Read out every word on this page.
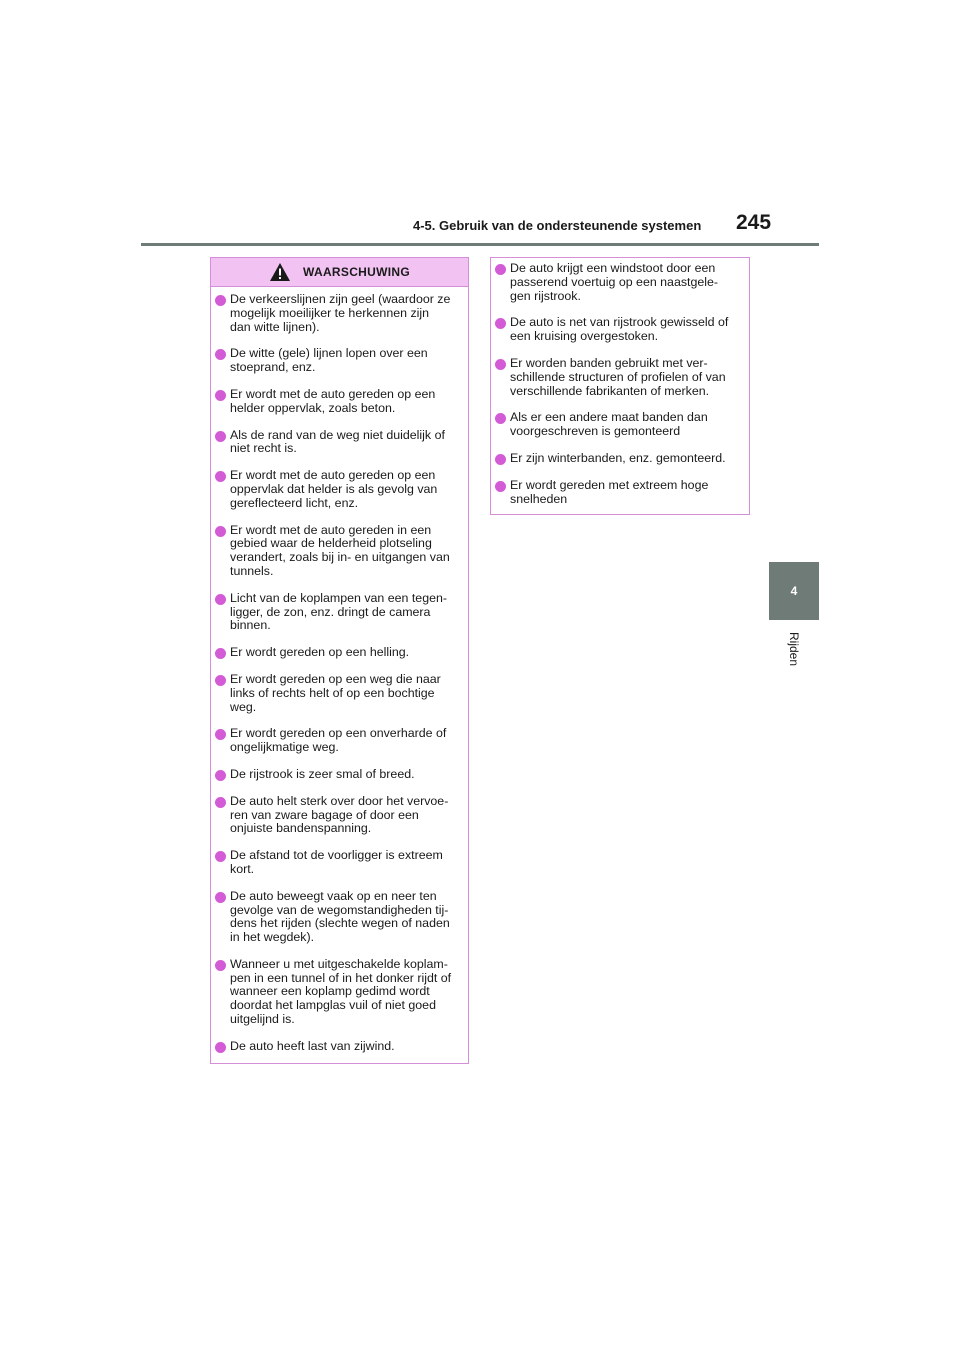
4-5. Gebruik van de ondersteunende systemen 245
4
Rijden
WAARSCHUWING
De verkeerslijnen zijn geel (waardoor ze
mogelijk moeilijker te herkennen zijn
dan witte lijnen).
De witte (gele) lijnen lopen over een
stoeprand, enz.
Er wordt met de auto gereden op een
helder oppervlak, zoals beton.
Als de rand van de weg niet duidelijk of
niet recht is.
Er wordt met de auto gereden op een
oppervlak dat helder is als gevolg van
gereflecteerd licht, enz.
Er wordt met de auto gereden in een
gebied waar de helderheid plotseling
verandert, zoals bij in- en uitgangen van
tunnels.
Licht van de koplampen van een tegen-
ligger, de zon, enz. dringt de camera
binnen.
Er wordt gereden op een helling.
Er wordt gereden op een weg die naar
links of rechts helt of op een bochtige
weg.
Er wordt gereden op een onverharde of
ongelijkmatige weg.
De rijstrook is zeer smal of breed.
De auto helt sterk over door het vervoe-
ren van zware bagage of door een
onjuiste bandenspanning.
De afstand tot de voorligger is extreem
kort.
De auto beweegt vaak op en neer ten
gevolge van de wegomstandigheden tij-
dens het rijden (slechte wegen of naden
in het wegdek).
Wanneer u met uitgeschakelde koplam-
pen in een tunnel of in het donker rijdt of
wanneer een koplamp gedimd wordt
doordat het lampglas vuil of niet goed
uitgelijnd is.
De auto heeft last van zijwind.
De auto krijgt een windstoot door een
passerend voertuig op een naastgele-
gen rijstrook.
De auto is net van rijstrook gewisseld of
een kruising overgestoken.
Er worden banden gebruikt met ver-
schillende structuren of profielen of van
verschillende fabrikanten of merken.
Als er een andere maat banden dan
voorgeschreven is gemonteerd
Er zijn winterbanden, enz. gemonteerd.
Er wordt gereden met extreem hoge
snelheden
